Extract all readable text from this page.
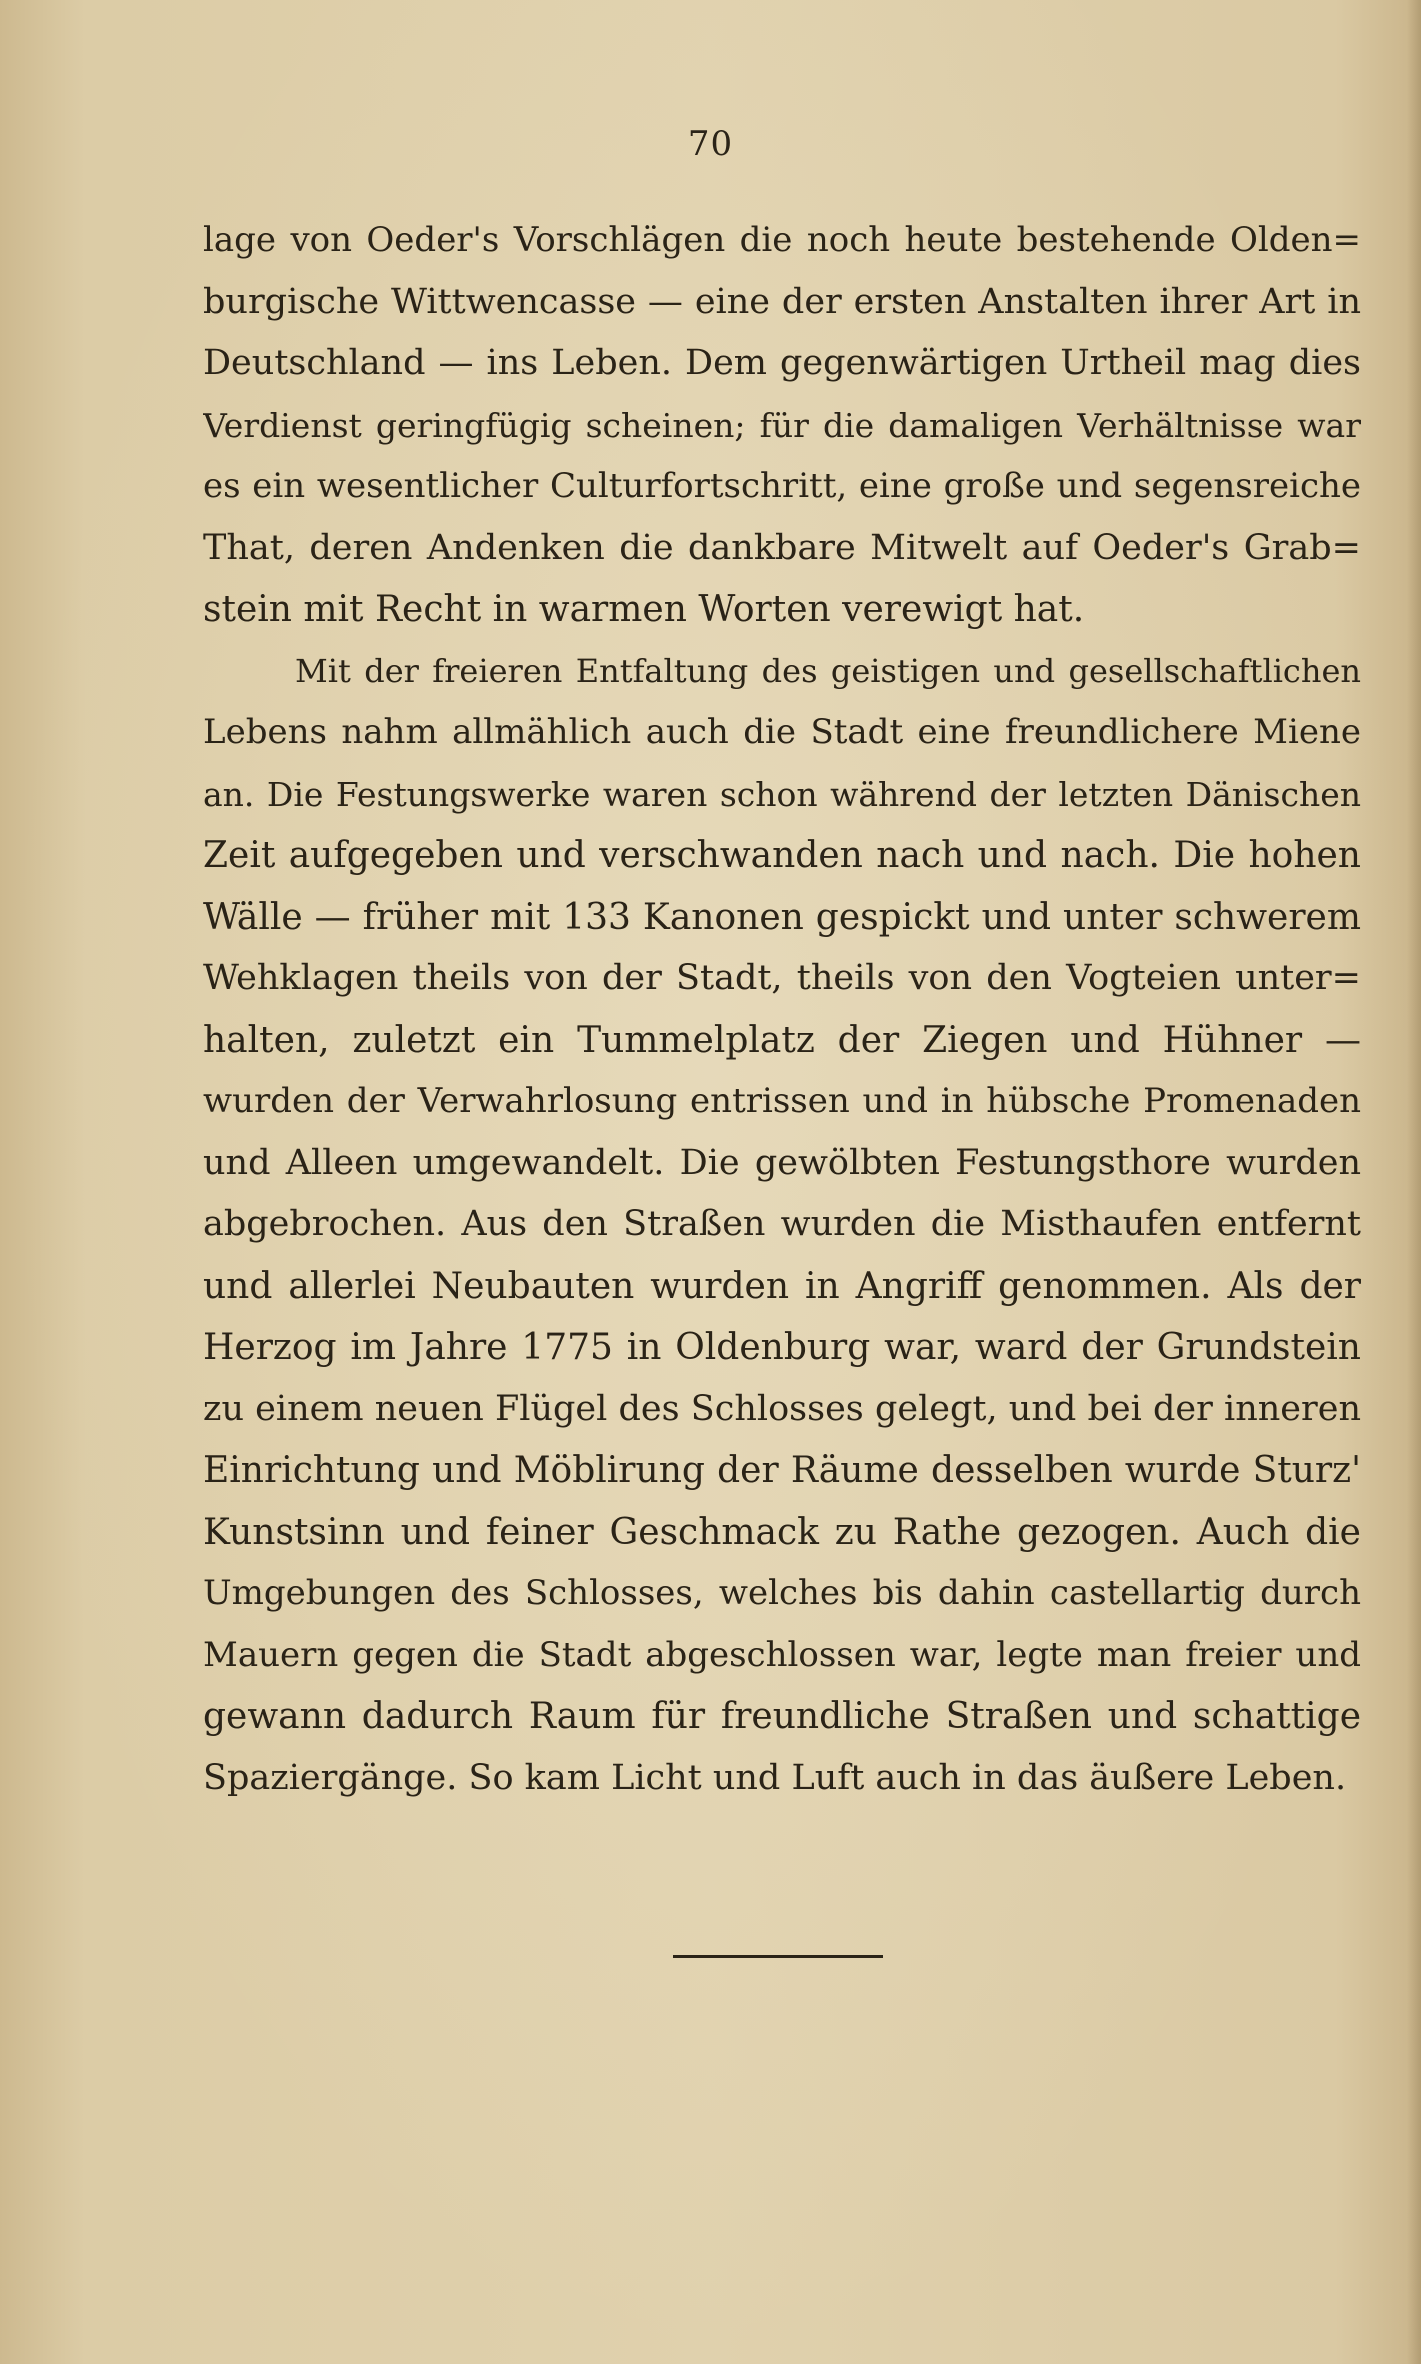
70
lage von Oeder's Vorschlägen die noch heute bestehende Olden=
burgische Wittwencasse — eine der ersten Anstalten ihrer Art in
Deutschland — ins Leben. Dem gegenwärtigen Urtheil mag dies
Verdienst geringfügig scheinen; für die damaligen Verhältnisse war
es ein wesentlicher Culturfortschritt, eine große und segensreiche
That, deren Andenken die dankbare Mitwelt auf Oeder's Grab=
stein mit Recht in warmen Worten verewigt hat.
Mit der freieren Entfaltung des geistigen und gesellschaftlichen
Lebens nahm allmählich auch die Stadt eine freundlichere Miene
an. Die Festungswerke waren schon während der letzten Dänischen
Zeit aufgegeben und verschwanden nach und nach. Die hohen
Wälle — früher mit 133 Kanonen gespickt und unter schwerem
Wehklagen theils von der Stadt, theils von den Vogteien unter=
halten, zuletzt ein Tummelplatz der Ziegen und Hühner —
wurden der Verwahrlosung entrissen und in hübsche Promenaden
und Alleen umgewandelt. Die gewölbten Festungsthore wurden
abgebrochen. Aus den Straßen wurden die Misthaufen entfernt
und allerlei Neubauten wurden in Angriff genommen. Als der
Herzog im Jahre 1775 in Oldenburg war, ward der Grundstein
zu einem neuen Flügel des Schlosses gelegt, und bei der inneren
Einrichtung und Möblirung der Räume desselben wurde Sturz'
Kunstsinn und feiner Geschmack zu Rathe gezogen. Auch die
Umgebungen des Schlosses, welches bis dahin castellartig durch
Mauern gegen die Stadt abgeschlossen war, legte man freier und
gewann dadurch Raum für freundliche Straßen und schattige
Spaziergänge. So kam Licht und Luft auch in das äußere Leben.
